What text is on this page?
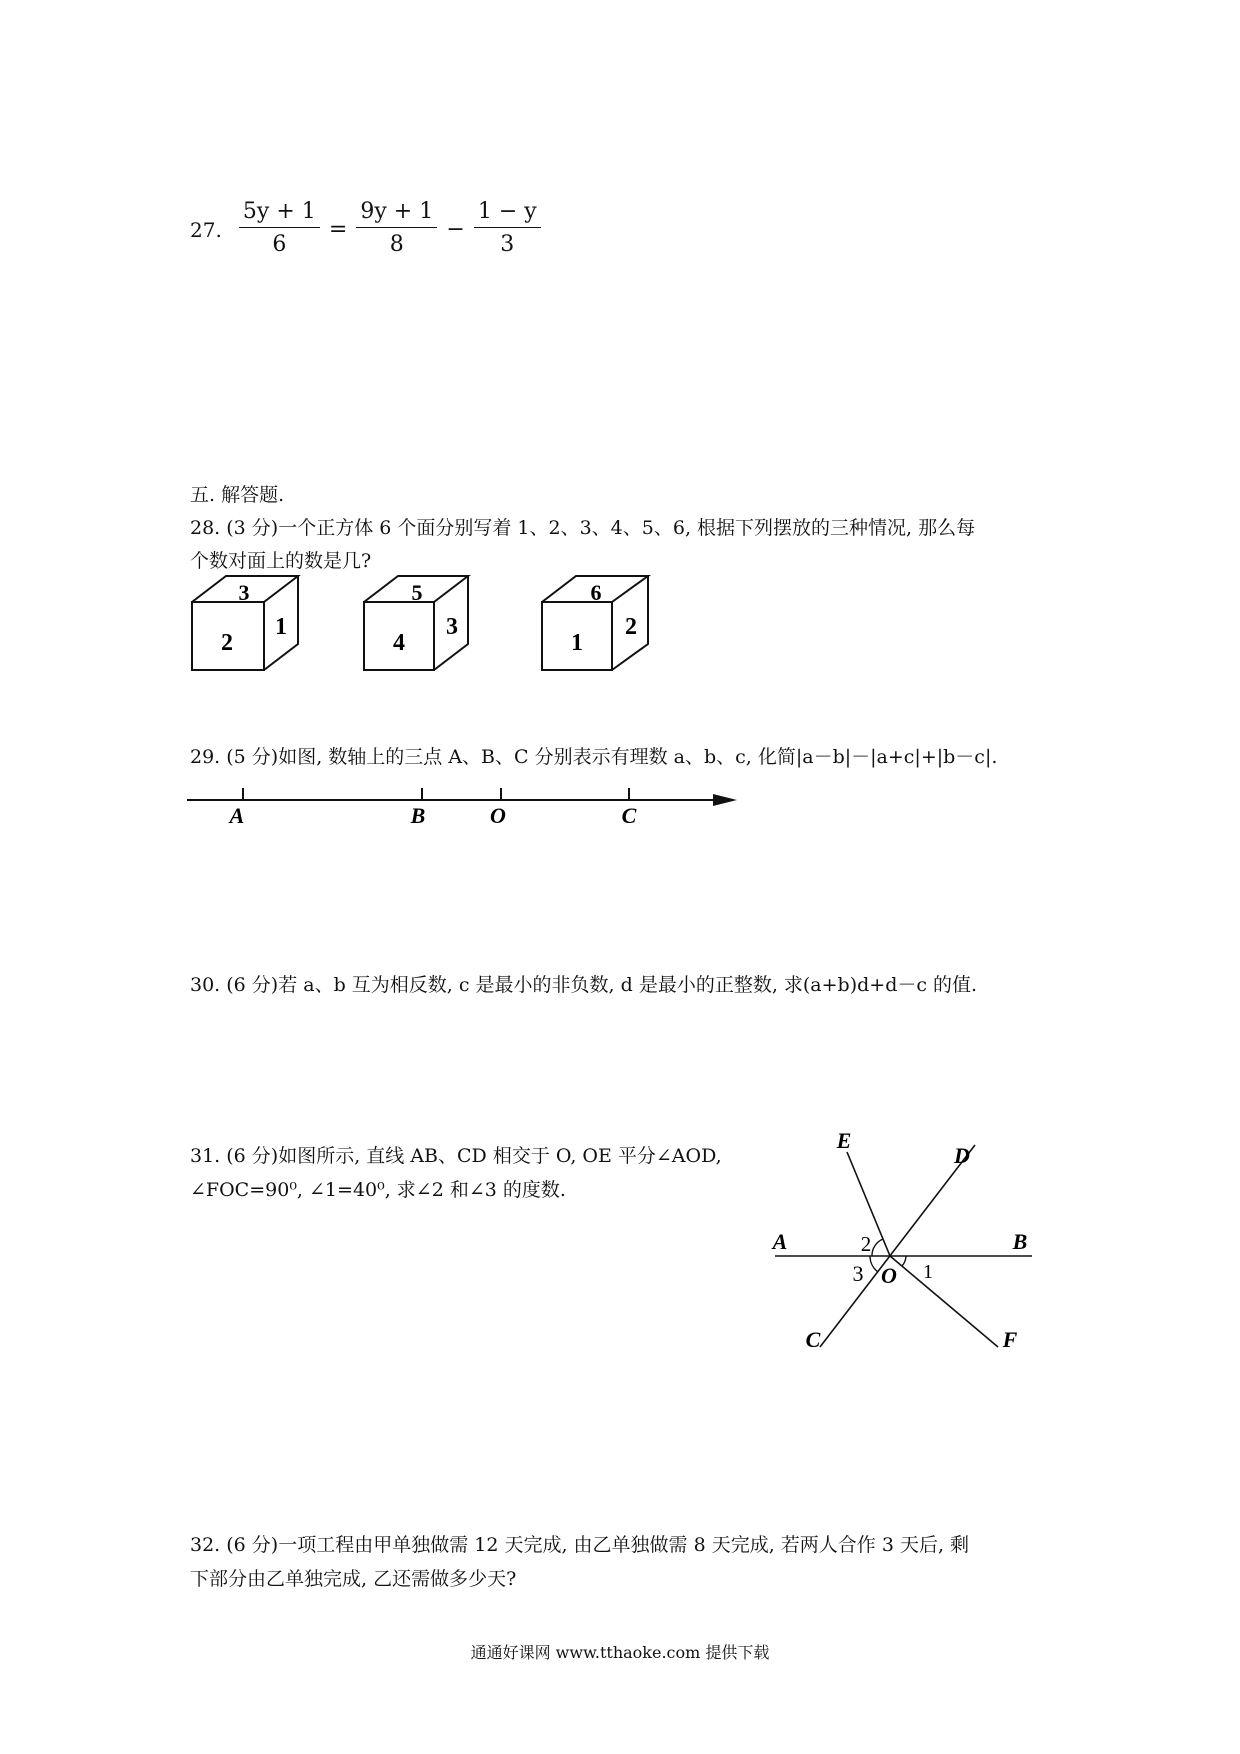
27. $\frac{5y + 1}{6} = \frac{9y + 1}{8} - \frac{1 - y}{3}$
五. 解答题.
28. (3 分)一个正方体 6 个面分别写着 1、2、3、4、5、6, 根据下列摆放的三种情况, 那么每
个数对面上的数是几?
3
2
1
5
4
3
6
1
2
29. (5 分)如图, 数轴上的三点 A、B、C 分别表示有理数 a、b、c, 化简|a－b|－|a+c|+|b－c|.
A	B	O	C
30. (6 分)若 a、b 互为相反数, c 是最小的非负数, d 是最小的正整数, 求(a+b)d+d－c 的值.
31. (6 分)如图所示, 直线 AB、CD 相交于 O, OE 平分∠AOD,
∠FOC=90⁰, ∠1=40⁰, 求∠2 和∠3 的度数.
E
D
A	B
C	F
O
2
3	1
32. (6 分)一项工程由甲单独做需 12 天完成, 由乙单独做需 8 天完成, 若两人合作 3 天后, 剩
下部分由乙单独完成, 乙还需做多少天?
通通好课网 www.tthaoke.com 提供下载
